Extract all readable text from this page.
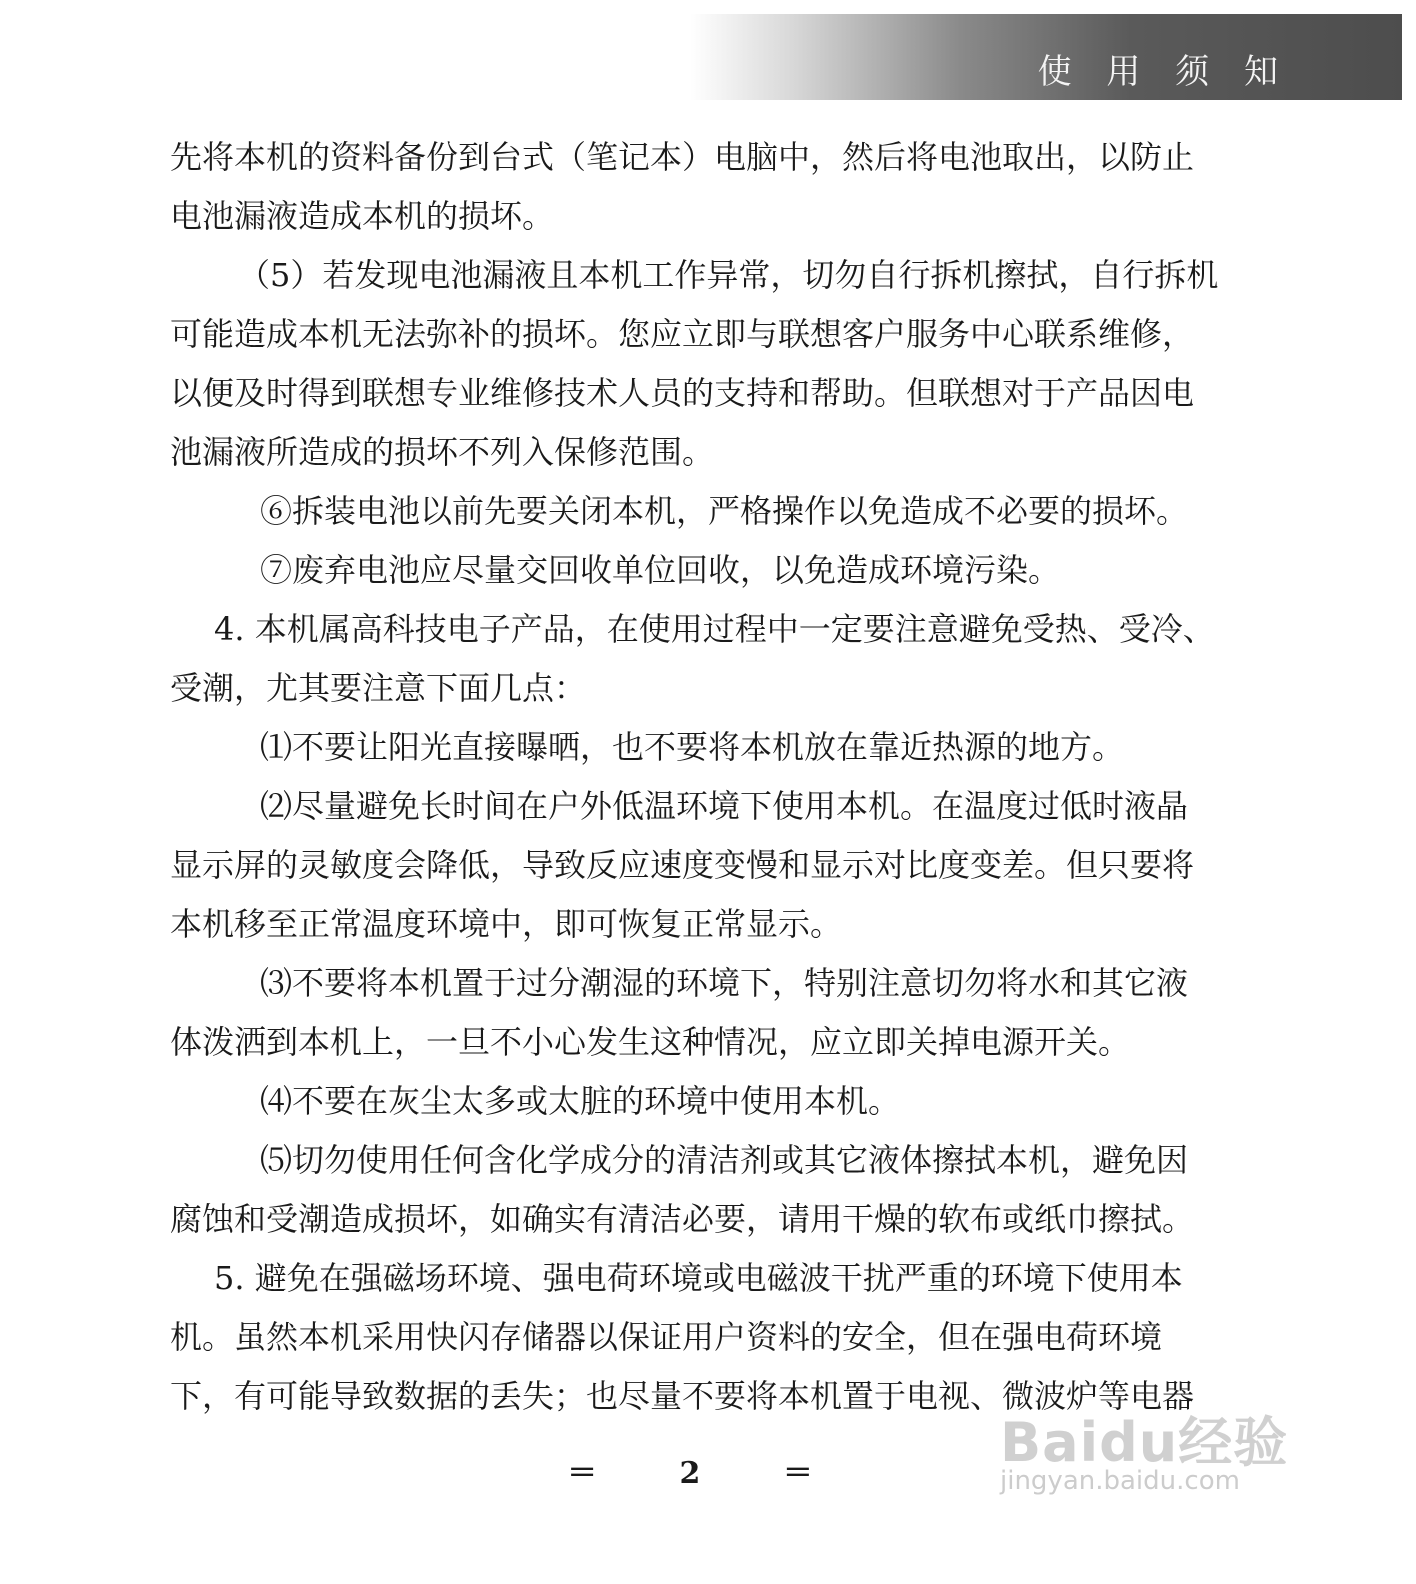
使 用 须 知

先将本机的资料备份到台式（笔记本）电脑中，然后将电池取出，以防止
电池漏液造成本机的损坏。

（5）若发现电池漏液且本机工作异常，切勿自行拆机擦拭，自行拆机
可能造成本机无法弥补的损坏。您应立即与联想客户服务中心联系维修，
以便及时得到联想专业维修技术人员的支持和帮助。但联想对于产品因电
池漏液所造成的损坏不列入保修范围。

⑥拆装电池以前先要关闭本机，严格操作以免造成不必要的损坏。

⑦废弃电池应尽量交回收单位回收，以免造成环境污染。

4. 本机属高科技电子产品，在使用过程中一定要注意避免受热、受冷、
受潮，尤其要注意下面几点：

⑴不要让阳光直接曝晒，也不要将本机放在靠近热源的地方。

⑵尽量避免长时间在户外低温环境下使用本机。在温度过低时液晶
显示屏的灵敏度会降低，导致反应速度变慢和显示对比度变差。但只要将
本机移至正常温度环境中，即可恢复正常显示。

⑶不要将本机置于过分潮湿的环境下，特别注意切勿将水和其它液
体泼洒到本机上，一旦不小心发生这种情况，应立即关掉电源开关。

⑷不要在灰尘太多或太脏的环境中使用本机。

⑸切勿使用任何含化学成分的清洁剂或其它液体擦拭本机，避免因
腐蚀和受潮造成损坏，如确实有清洁必要，请用干燥的软布或纸巾擦拭。

5. 避免在强磁场环境、强电荷环境或电磁波干扰严重的环境下使用本
机。虽然本机采用快闪存储器以保证用户资料的安全，但在强电荷环境
下，有可能导致数据的丢失；也尽量不要将本机置于电视、微波炉等电器

Baidu经验
jingyan.baidu.com
＝ 2 ＝
